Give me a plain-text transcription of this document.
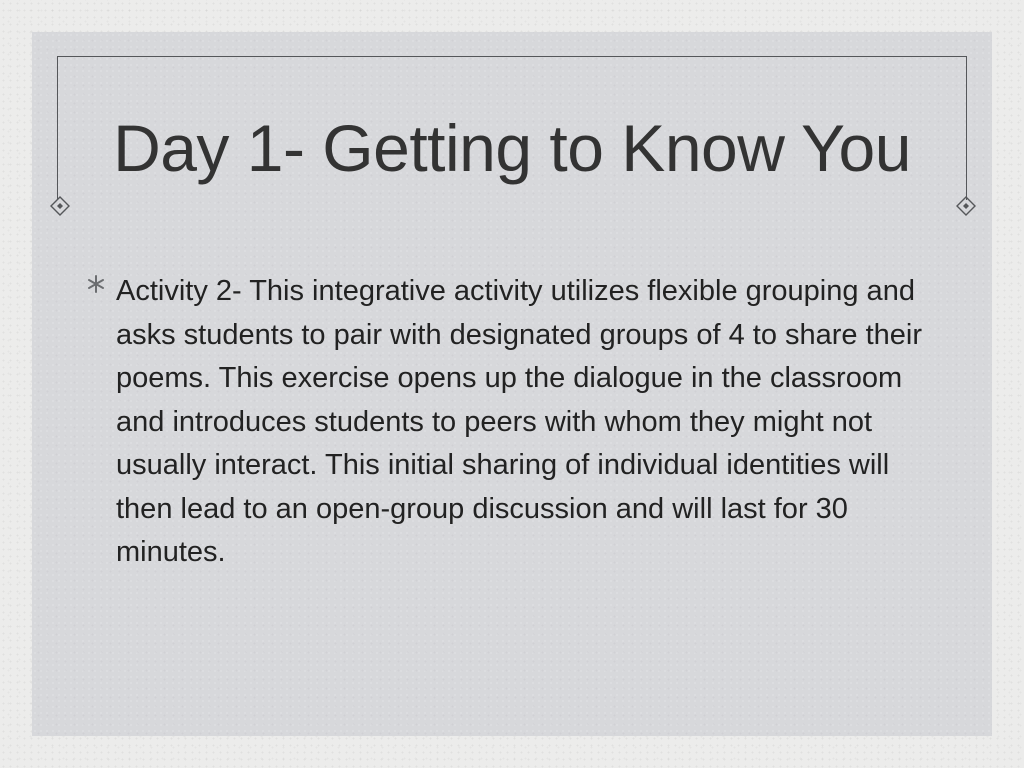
Day 1- Getting to Know You

Activity 2- This integrative activity utilizes flexible grouping and asks students to pair with designated groups of 4 to share their poems. This exercise opens up the dialogue in the classroom and introduces students to peers with whom they might not usually interact. This initial sharing of individual identities will then lead to an open-group discussion and will last for 30 minutes.
